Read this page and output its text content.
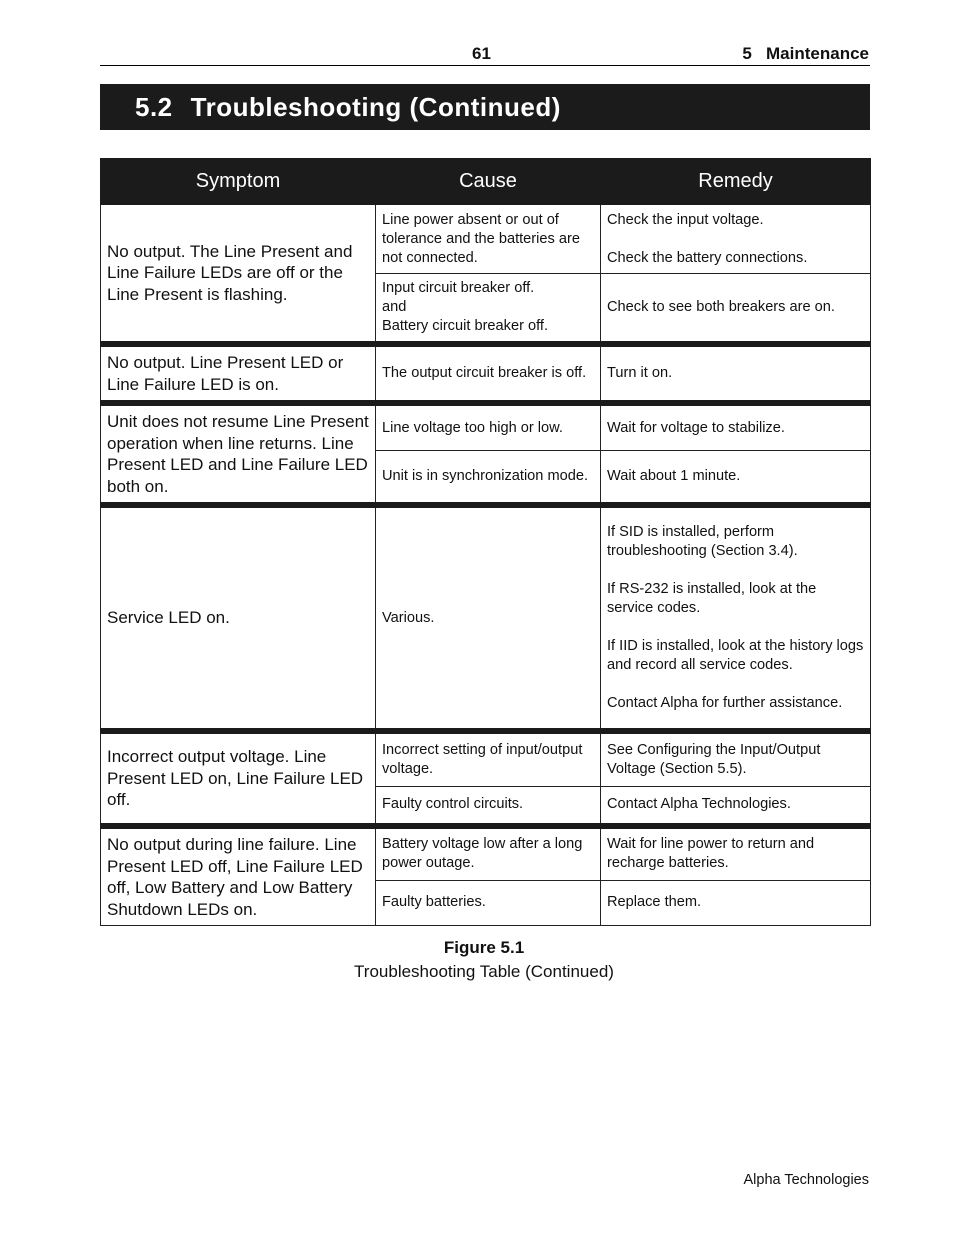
61	5   Maintenance
5.2 Troubleshooting (Continued)
Symptom	Cause	Remedy
No output. The Line Present and Line Failure LEDs are off or the Line Present is flashing.	Line power absent or out of tolerance and the batteries are not connected.	Check the input voltage.
Check the battery connections.

	Input circuit breaker off.
and
Battery circuit breaker off.	Check to see both breakers are on.
No output. Line Present LED or Line Failure LED is on.	The output circuit breaker is off.	Turn it on.
Unit does not resume Line Present operation when line returns. Line Present LED and Line Failure LED both on.	Line voltage too high or low.	Wait for voltage to stabilize.
	Unit is in synchronization mode.	Wait about 1 minute.
Service LED on.	Various.	If SID is installed, perform troubleshooting (Section 3.4).
If RS-232 is installed, look at the service codes.
If IID is installed, look at the history logs and record all service codes.
Contact Alpha for further assistance.

Incorrect output voltage. Line Present LED on, Line Failure LED off.	Incorrect setting of input/output voltage.	See Configuring the Input/Output Voltage (Section 5.5).
	Faulty control circuits.	Contact Alpha Technologies.
No output during line failure. Line Present LED off, Line Failure LED off, Low Battery and Low Battery Shutdown LEDs on.	Battery voltage low after a long power outage.	Wait for line power to return and recharge batteries.
	Faulty batteries.	Replace them.
Figure 5.1
Troubleshooting Table (Continued)
Alpha Technologies
